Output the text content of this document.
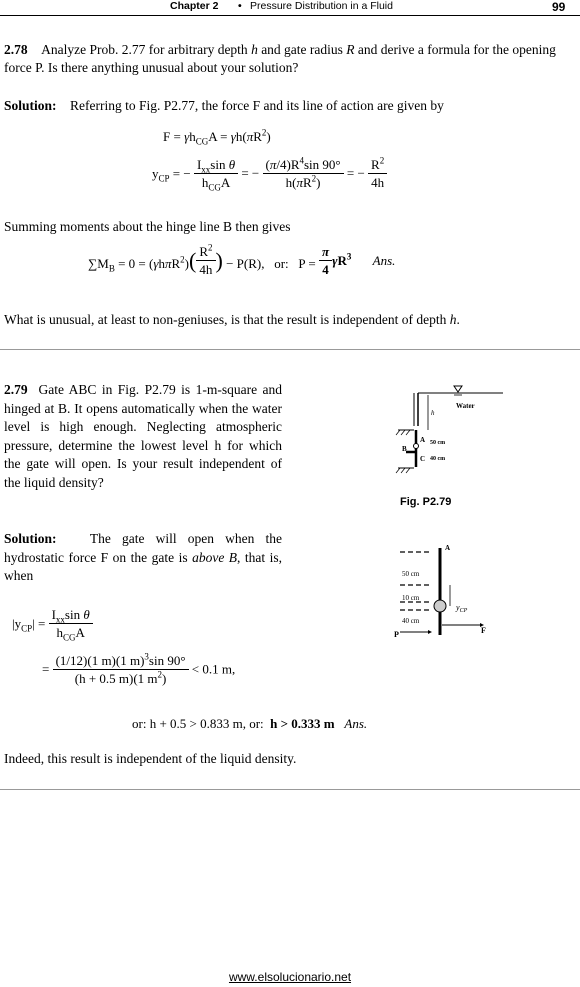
Chapter 2 • Pressure Distribution in a Fluid	99
2.78 Analyze Prob. 2.77 for arbitrary depth h and gate radius R and derive a formula for the opening force P. Is there anything unusual about your solution?
Solution: Referring to Fig. P2.77, the force F and its line of action are given by
$F = \gamma h_{CG}A = \gamma h(\pi R^2)$
$y_{CP}$ = − $\frac{I_{xx}\sin \theta}{h_{CG}A}$ = − $\frac{(\pi/4)R^4\sin 90^\circ}{h(\pi R^2)}$ = − $\frac{R^2}{4h}$
Summing moments about the hinge line B then gives
$\sum M_B = 0 = (\gamma h\pi R^2)( \frac{R^2}{4h}$ ) − P(R),   or:   $P = \frac{\pi}{4} \gamma R^3$ Ans.
What is unusual, at least to non-geniuses, is that the result is independent of depth h.
2.79 Gate ABC in Fig. P2.79 is 1-m-square and hinged at B. It opens automatically when the water level is high enough. Neglecting atmospheric pressure, determine the lowest level h for which the gate will open. Is your result independent of the liquid density?
Solution: The gate will open when the hydrostatic force F on the gate is above B, that is, when
$|y_{CP}| = \frac{I_{xx}\sin \theta}{h_{CG}A}$
= $\frac{(1/12)(1 m)(1 m)^3\sin 90^\circ}{(h + 0.5 m)(1 m^2)} < 0.1$ m,
or: h + 0.5 > 0.833 m, or: h > 0.333 m Ans.
Indeed, this result is independent of the liquid density.
h
Water
A
B
C
50 cm
40 cm
Fig. P2.79
A
50 cm
10 cm
$y_{CP}$
40 cm
F
P
www.elsolucionario.net
